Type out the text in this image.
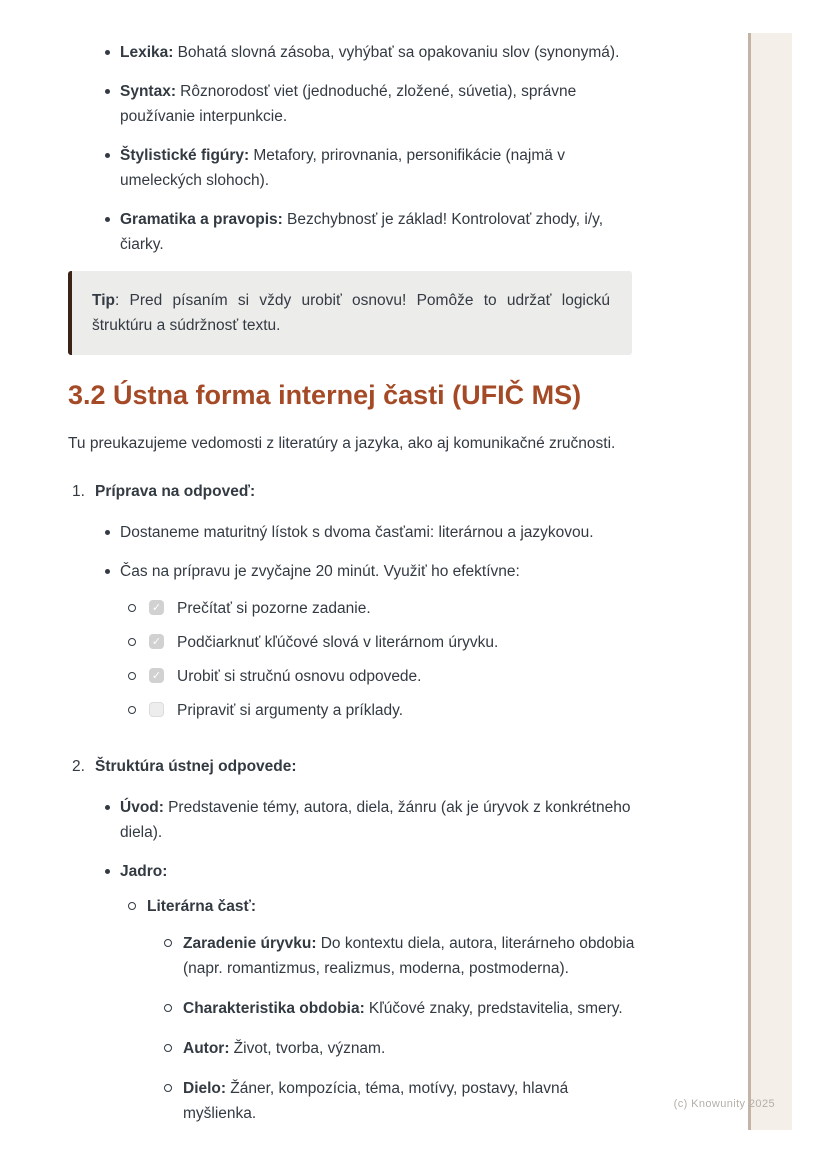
Lexika: Bohatá slovná zásoba, vyhýbať sa opakovaniu slov (synonymá).
Syntax: Rôznorodosť viet (jednoduché, zložené, súvetia), správne používanie interpunkcie.
Štylistické figúry: Metafory, prirovnania, personifikácie (najmä v umeleckých slohoch).
Gramatika a pravopis: Bezchybnosť je základ! Kontrolovať zhody, i/y, čiarky.
Tip: Pred písaním si vždy urobiť osnovu! Pomôže to udržať logickú štruktúru a súdržnosť textu.
3.2 Ústna forma internej časti (UFIČ MS)

Tu preukazujeme vedomosti z literatúry a jazyka, ako aj komunikačné zručnosti.

1. Príprava na odpoveď:
Dostaneme maturitný lístok s dvoma časťami: literárnou a jazykovou.
Čas na prípravu je zvyčajne 20 minút. Využiť ho efektívne:
✓ Prečítať si pozorne zadanie.
✓ Podčiarknuť kľúčové slová v literárnom úryvku.
✓ Urobiť si stručnú osnovu odpovede.
Pripraviť si argumenty a príklady.
2. Štruktúra ústnej odpovede:
Úvod: Predstavenie témy, autora, diela, žánru (ak je úryvok z konkrétneho diela).
Jadro:
Literárna časť:
Zaradenie úryvku: Do kontextu diela, autora, literárneho obdobia (napr. romantizmus, realizmus, moderna, postmoderna).
Charakteristika obdobia: Kľúčové znaky, predstavitelia, smery.
Autor: Život, tvorba, význam.
Dielo: Žáner, kompozícia, téma, motívy, postavy, hlavná myšlienka.
(c) Knowunity 2025
